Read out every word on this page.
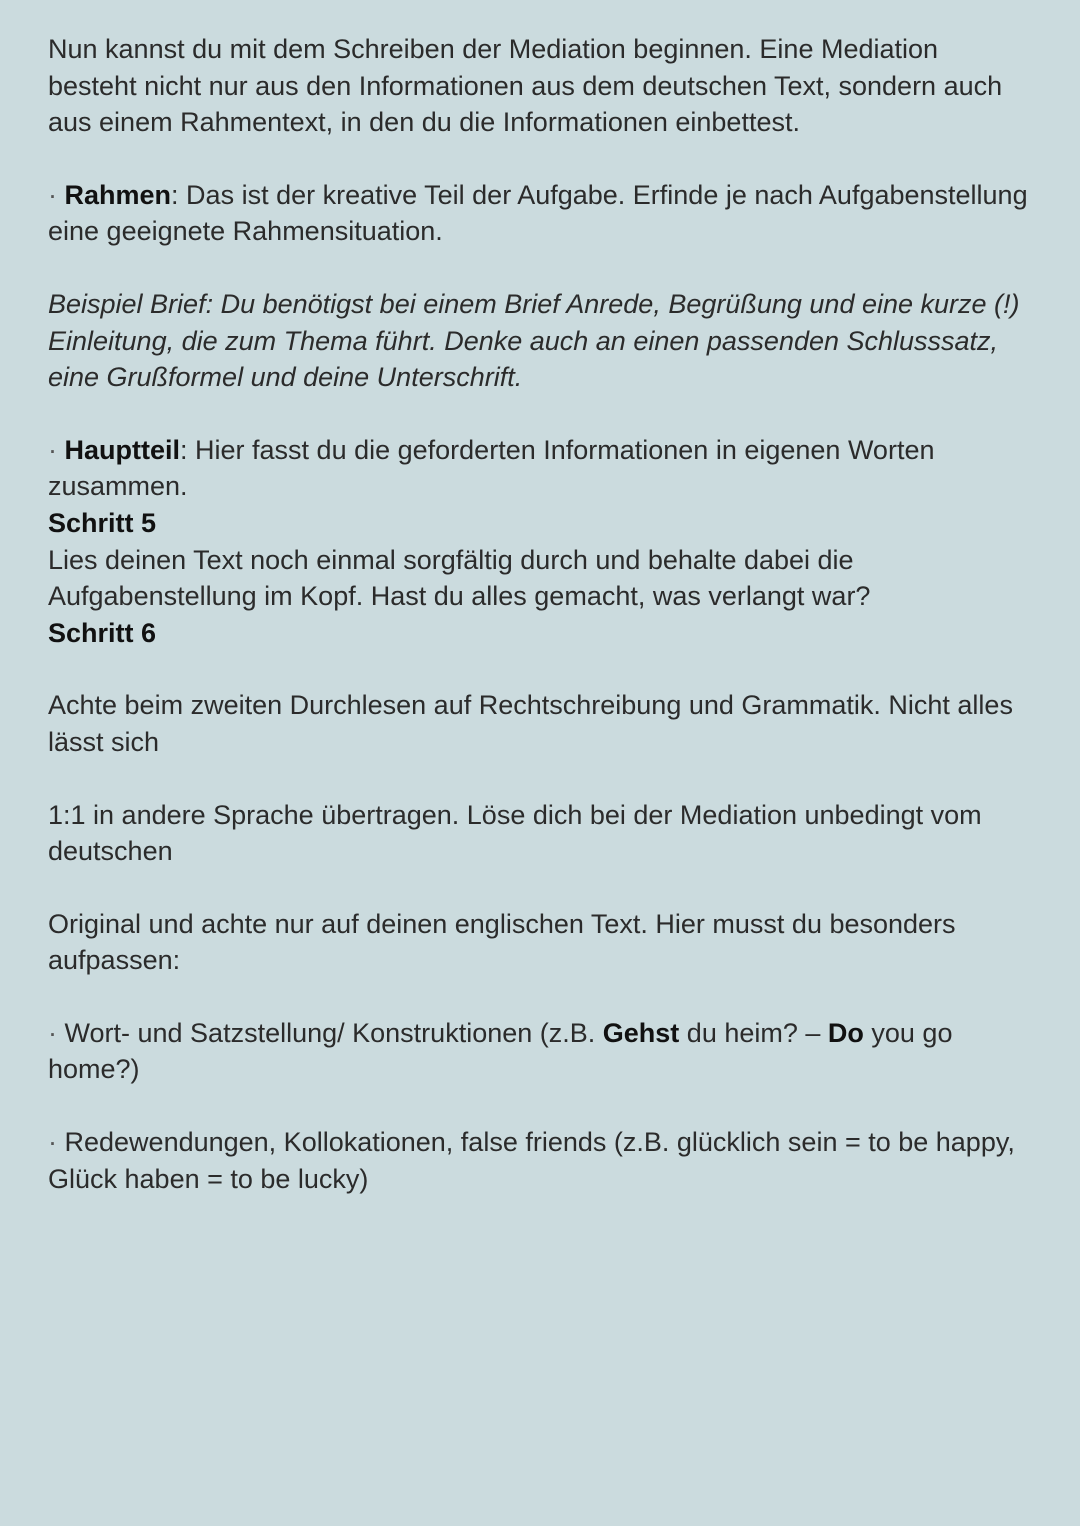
Nun kannst du mit dem Schreiben der Mediation beginnen. Eine Mediation besteht nicht nur aus den Informationen aus dem deutschen Text, sondern auch aus einem Rahmentext, in den du die Informationen einbettest.

· Rahmen: Das ist der kreative Teil der Aufgabe. Erfinde je nach Aufgabenstellung eine geeignete Rahmensituation.

Beispiel Brief: Du benötigst bei einem Brief Anrede, Begrüßung und eine kurze (!) Einleitung, die zum Thema führt. Denke auch an einen passenden Schlusssatz, eine Grußformel und deine Unterschrift.

· Hauptteil: Hier fasst du die geforderten Informationen in eigenen Worten zusammen.

Schritt 5

Lies deinen Text noch einmal sorgfältig durch und behalte dabei die Aufgabenstellung im Kopf. Hast du alles gemacht, was verlangt war?

Schritt 6

Achte beim zweiten Durchlesen auf Rechtschreibung und Grammatik. Nicht alles lässt sich

1:1 in andere Sprache übertragen. Löse dich bei der Mediation unbedingt vom deutschen

Original und achte nur auf deinen englischen Text. Hier musst du besonders aufpassen:

· Wort- und Satzstellung/ Konstruktionen (z.B. Gehst du heim? – Do you go home?)

· Redewendungen, Kollokationen, false friends (z.B. glücklich sein = to be happy, Glück haben = to be lucky)
